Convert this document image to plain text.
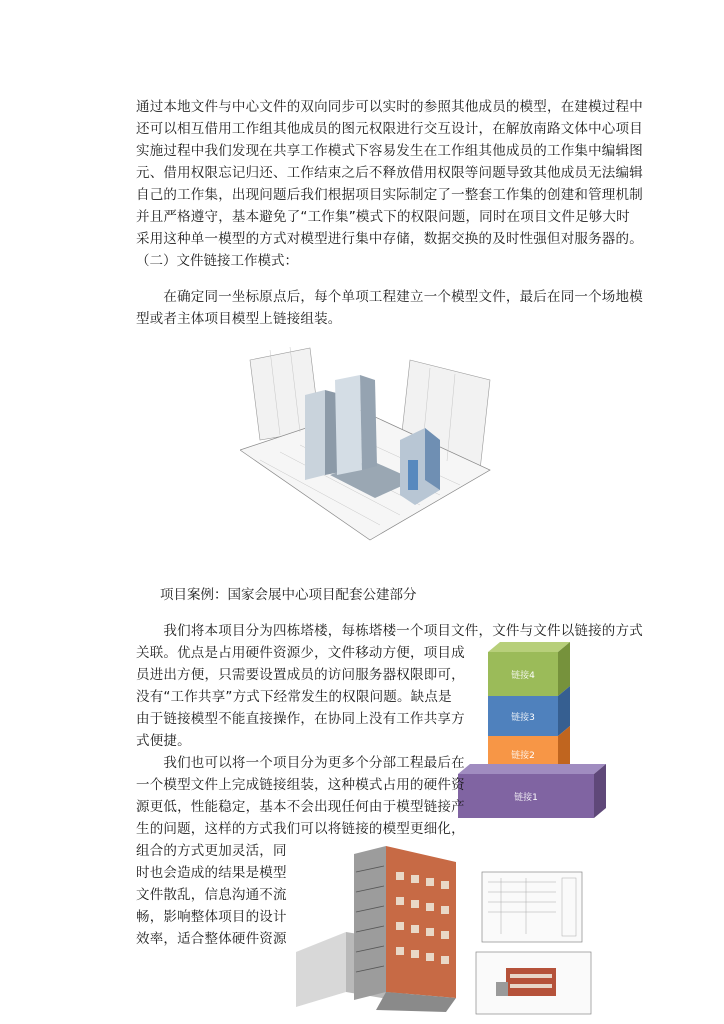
通过本地文件与中心文件的双向同步可以实时的参照其他成员的模型，在建模过程中
还可以相互借用工作组其他成员的图元权限进行交互设计，在解放南路文体中心项目
实施过程中我们发现在共享工作模式下容易发生在工作组其他成员的工作集中编辑图
元、借用权限忘记归还、工作结束之后不释放借用权限等问题导致其他成员无法编辑
自己的工作集，出现问题后我们根据项目实际制定了一整套工作集的创建和管理机制
并且严格遵守，基本避免了“工作集”模式下的权限问题，同时在项目文件足够大时
采用这种单一模型的方式对模型进行集中存储，数据交换的及时性强但对服务器的。
（二）文件链接工作模式：
　　在确定同一坐标原点后，每个单项工程建立一个模型文件，最后在同一个场地模
型或者主体项目模型上链接组装。
项目案例：国家会展中心项目配套公建部分
　　我们将本项目分为四栋塔楼，每栋塔楼一个项目文件，文件与文件以链接的方式
关联。优点是占用硬件资源少，文件移动方便，项目成
员进出方便，只需要设置成员的访问服务器权限即可，
没有“工作共享”方式下经常发生的权限问题。缺点是
由于链接模型不能直接操作，在协同上没有工作共享方
式便捷。
链接4
链接3
链接2
链接1
　　我们也可以将一个项目分为更多个分部工程最后在
一个模型文件上完成链接组装，这种模式占用的硬件资
源更低，性能稳定，基本不会出现任何由于模型链接产
生的问题，这样的方式我们可以将链接的模型更细化，
组合的方式更加灵活，同
时也会造成的结果是模型
文件散乱，信息沟通不流
畅，影响整体项目的设计
效率，适合整体硬件资源
